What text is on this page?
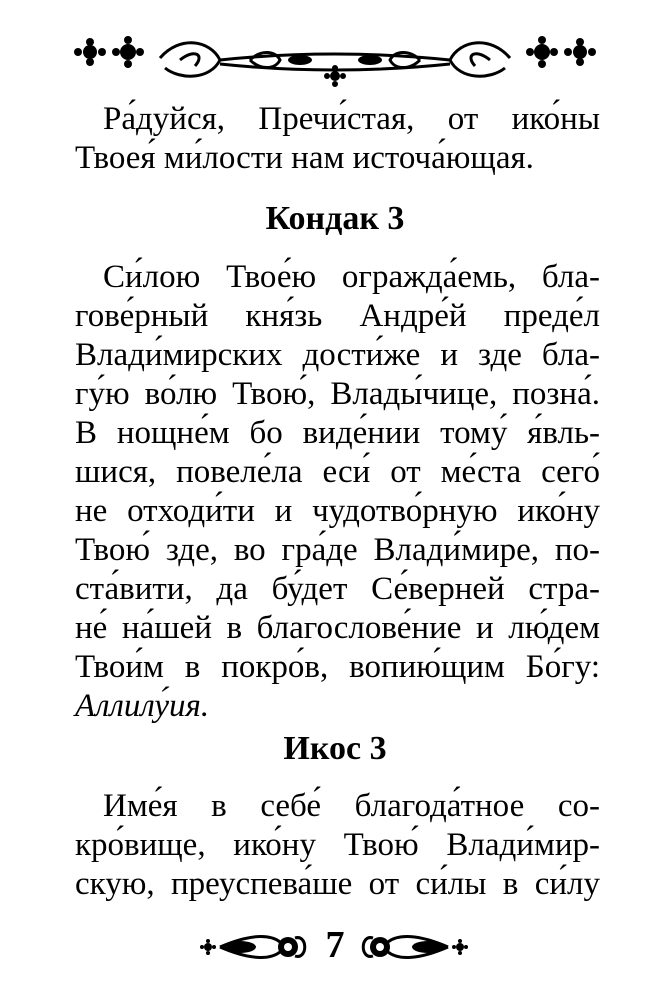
Ра́дуйся, Пречи́стая, от ико́ны
Твоея́ ми́лости нам источа́ющая.
Кондак 3
Си́лою Твое́ю огражда́емь, бла-
гове́рный кня́зь Андре́й преде́л
Влади́мирских дости́же и зде бла-
гу́ю во́лю Твою́, Влады́чице, позна́.
В нощне́м бо виде́нии тому́ я́вль-
шися, повеле́ла еси́ от ме́ста сего́
не отходи́ти и чудотво́рную ико́ну
Твою́ зде, во гра́де Влади́мире, по-
ста́вити, да бу́дет Се́верней стра-
не́ на́шей в благослове́ние и лю́дем
Твои́м в покро́в, вопию́щим Бо́гу:
Аллилу́ия.
Икос 3
Име́я в себе́ благода́тное со-
кро́вище, ико́ну Твою́ Влади́мир-
скую, преуспева́ше от си́лы в си́лу
7
